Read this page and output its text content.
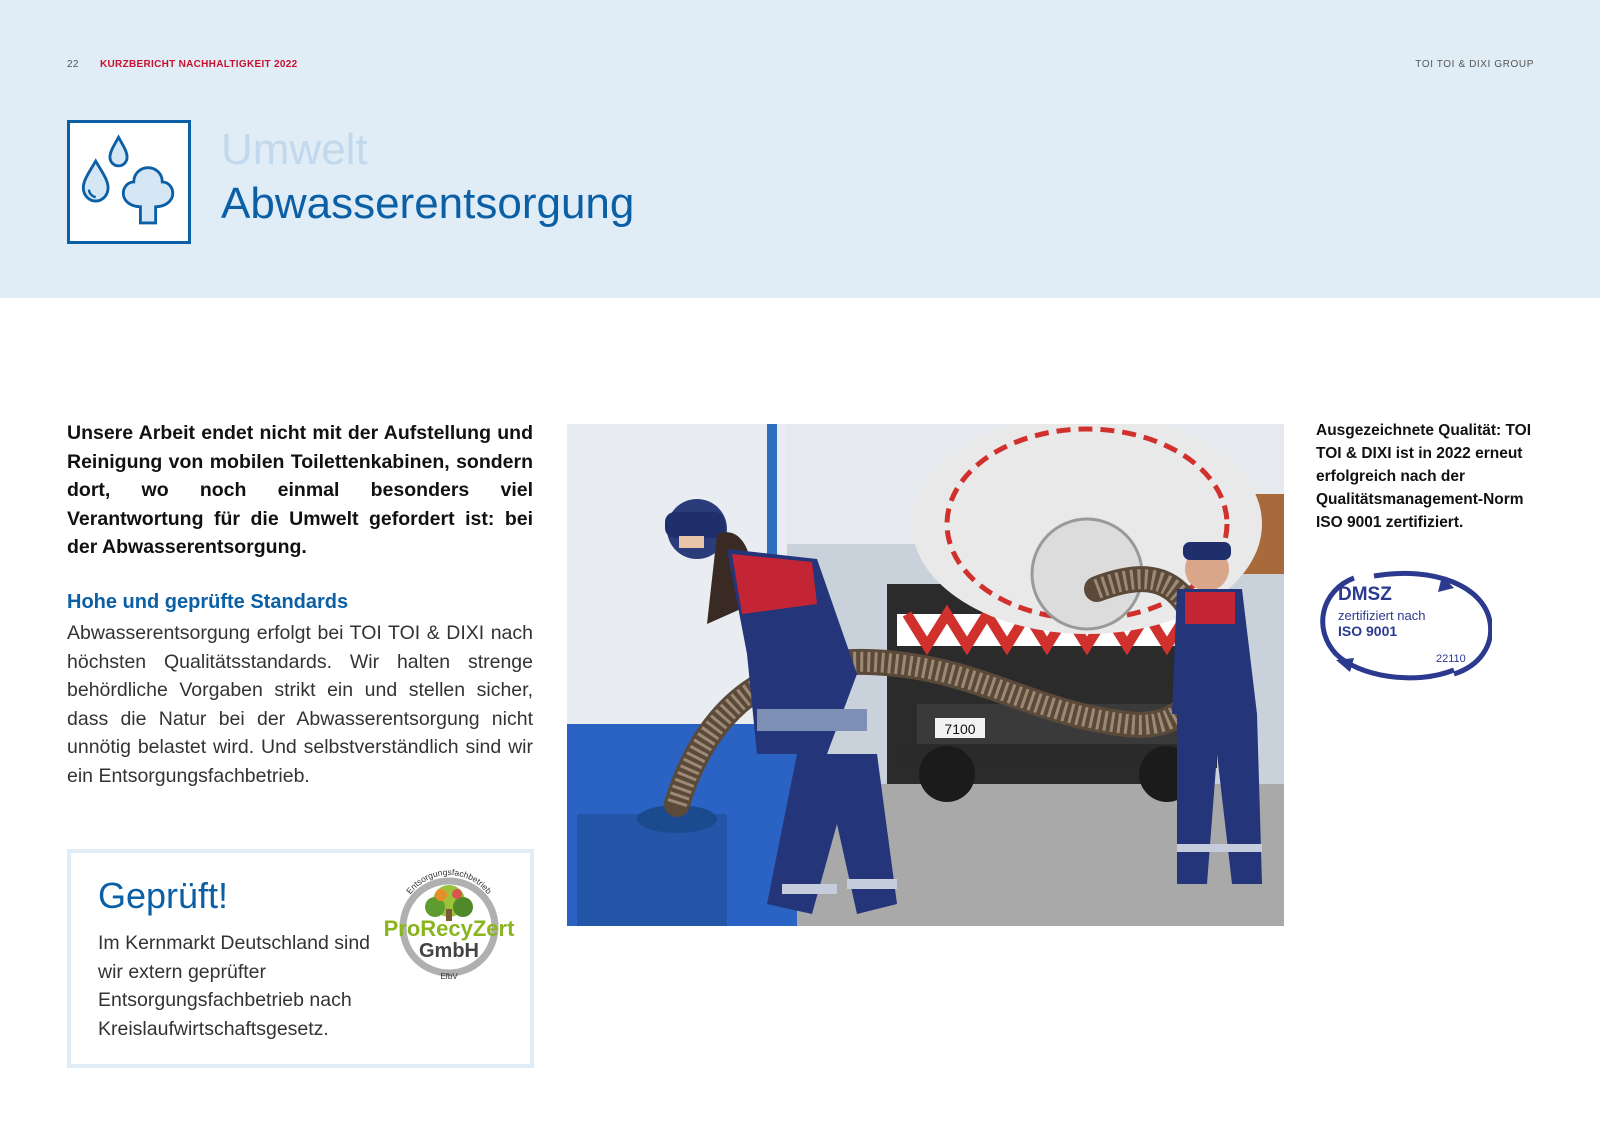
22 KURZBERICHT NACHHALTIGKEIT 2022	TOI TOI & DIXI GROUP
Umwelt
Abwasserentsorgung
Unsere Arbeit endet nicht mit der Aufstellung und Reinigung von mobilen Toilettenkabinen, sondern dort, wo noch einmal besonders viel Verantwortung für die Umwelt gefordert ist: bei der Abwasserentsorgung.
Hohe und geprüfte Standards
Abwasserentsorgung erfolgt bei TOI TOI & DIXI nach höchsten Qualitätsstandards. Wir halten strenge behördliche Vorgaben strikt ein und stellen sicher, dass die Natur bei der Abwasserentsorgung nicht unnötig belastet wird. Und selbstverständlich sind wir ein Entsorgungsfachbetrieb.
Geprüft!
Im Kernmarkt Deutschland sind wir extern geprüfter Entsorgungsfachbetrieb nach Kreislaufwirtschaftsgesetz.
Entsorgungsfachbetrieb
ProRecyZert
GmbH
EfbV
7100
Ausgezeichnete Qualität: TOI TOI & DIXI ist in 2022 erneut erfolgreich nach der Qualitätsmanagement-Norm ISO 9001 zertifiziert.
DMSZ
zertifiziert nach
ISO 9001
22110
